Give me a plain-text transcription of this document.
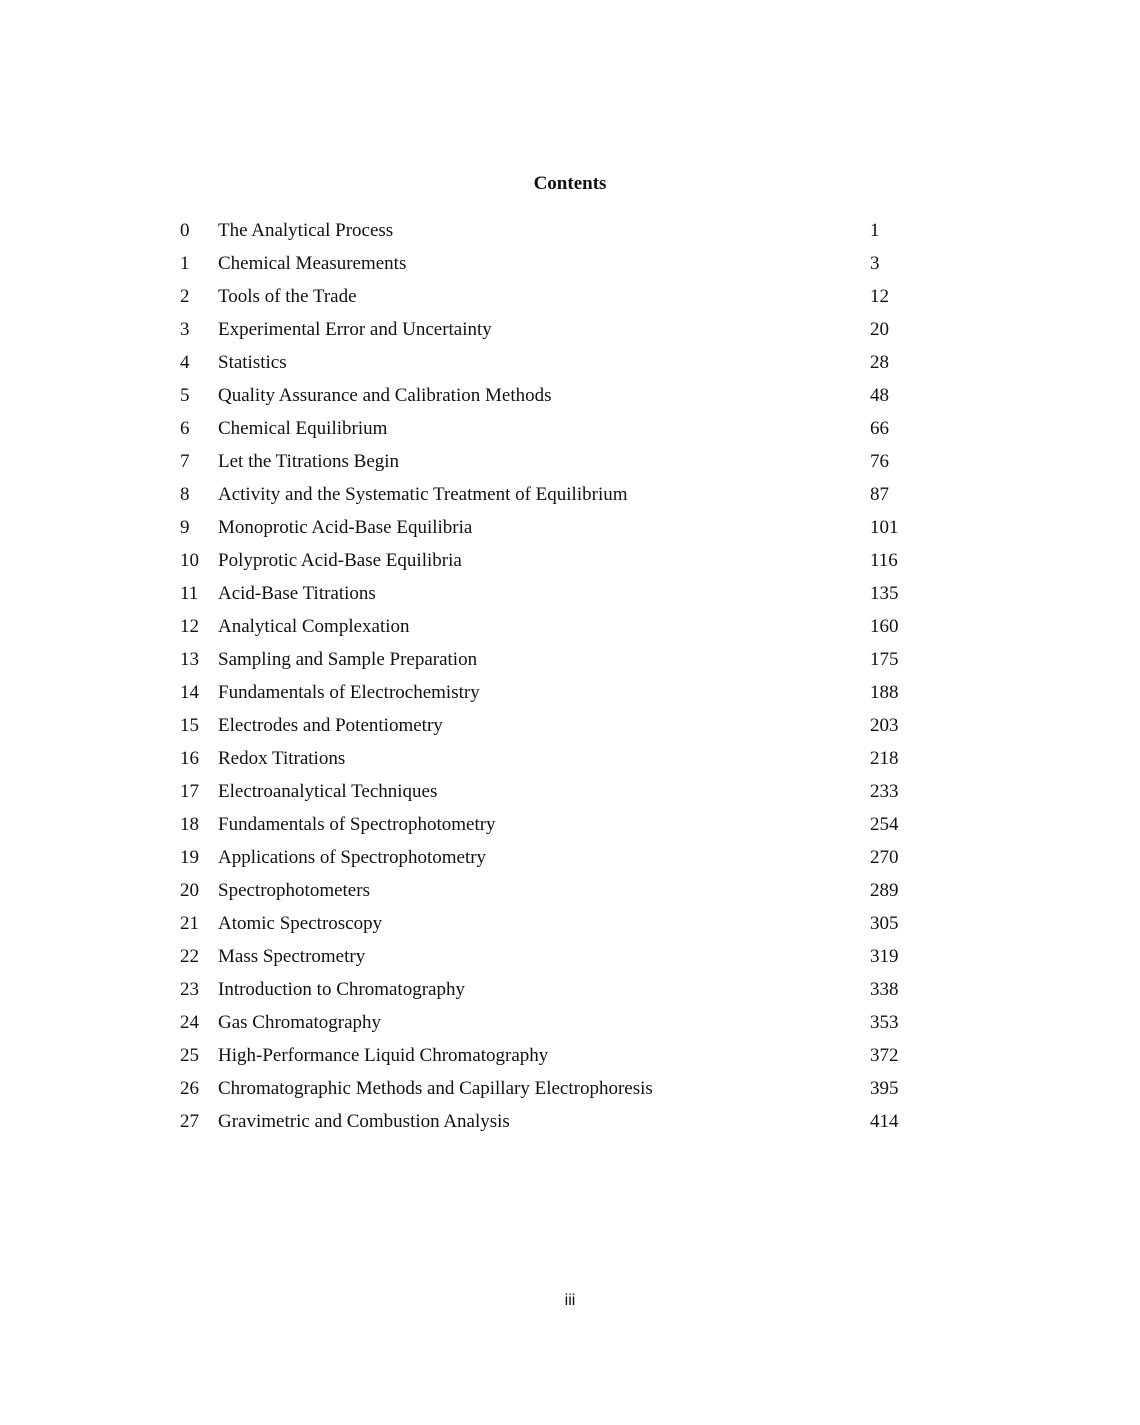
Contents
0 The Analytical Process	1
1 Chemical Measurements	3
2 Tools of the Trade	12
3 Experimental Error and Uncertainty	20
4 Statistics	28
5 Quality Assurance and Calibration Methods	48
6 Chemical Equilibrium	66
7 Let the Titrations Begin	76
8 Activity and the Systematic Treatment of Equilibrium	87
9 Monoprotic Acid-Base Equilibria	101
10 Polyprotic Acid-Base Equilibria	116
11 Acid-Base Titrations	135
12 Analytical Complexation	160
13 Sampling and Sample Preparation	175
14 Fundamentals of Electrochemistry	188
15 Electrodes and Potentiometry	203
16 Redox Titrations	218
17 Electroanalytical Techniques	233
18 Fundamentals of Spectrophotometry	254
19 Applications of Spectrophotometry	270
20 Spectrophotometers	289
21 Atomic Spectroscopy	305
22 Mass Spectrometry	319
23 Introduction to Chromatography	338
24 Gas Chromatography	353
25 High-Performance Liquid Chromatography	372
26 Chromatographic Methods and Capillary Electrophoresis	395
27 Gravimetric and Combustion Analysis	414
iii
